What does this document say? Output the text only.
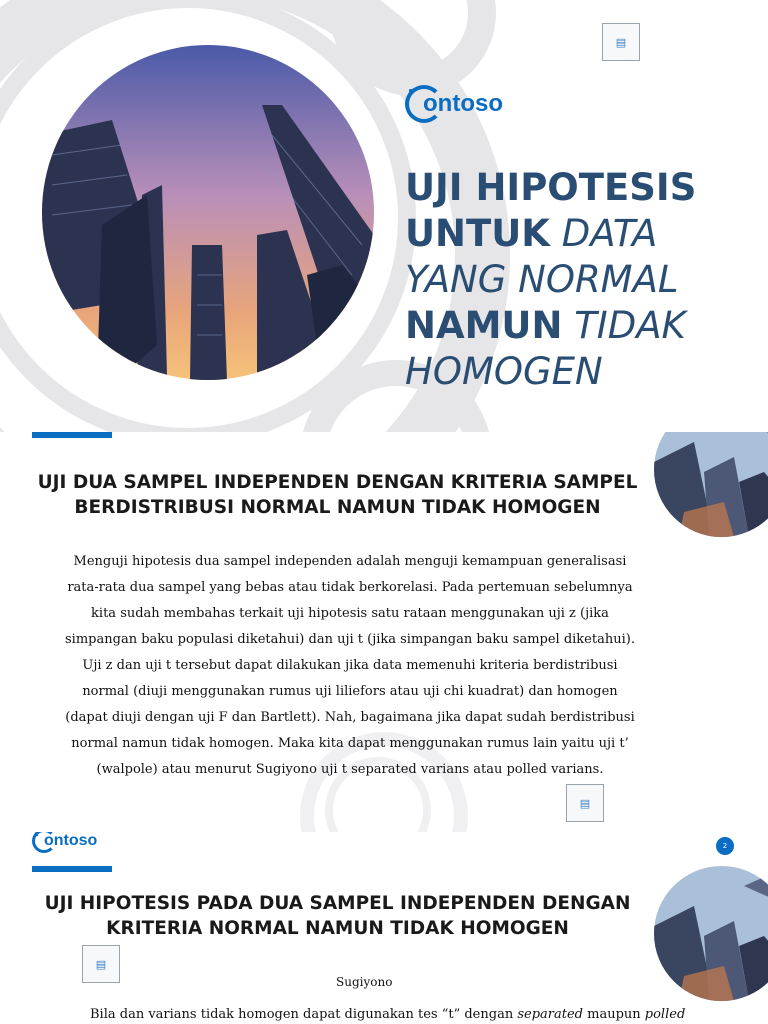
ontoso
▤
UJI HIPOTESIS
UNTUK DATA
YANG NORMAL
NAMUN TIDAK
HOMOGEN
UJI DUA SAMPEL INDEPENDEN DENGAN KRITERIA SAMPEL
BERDISTRIBUSI NORMAL NAMUN TIDAK HOMOGEN

Menguji hipotesis dua sampel independen adalah menguji kemampuan generalisasi rata-rata dua sampel yang bebas atau tidak berkorelasi. Pada pertemuan sebelumnya kita sudah membahas terkait uji hipotesis satu rataan menggunakan uji z (jika simpangan baku populasi diketahui) dan uji t (jika simpangan baku sampel diketahui). Uji z dan uji t tersebut dapat dilakukan jika data memenuhi kriteria berdistribusi normal (diuji menggunakan rumus uji liliefors atau uji chi kuadrat) dan homogen (dapat diuji dengan uji F dan Bartlett). Nah, bagaimana jika dapat sudah berdistribusi normal namun tidak homogen. Maka kita dapat menggunakan rumus lain yaitu uji t’ (walpole) atau menurut Sugiyono uji t separated varians atau polled varians.

▤
ontoso	2
UJI HIPOTESIS PADA DUA SAMPEL INDEPENDEN DENGAN
KRITERIA NORMAL NAMUN TIDAK HOMOGEN
▤
Sugiyono
Bila dan varians tidak homogen dapat digunakan tes “t” dengan separated maupun polled
